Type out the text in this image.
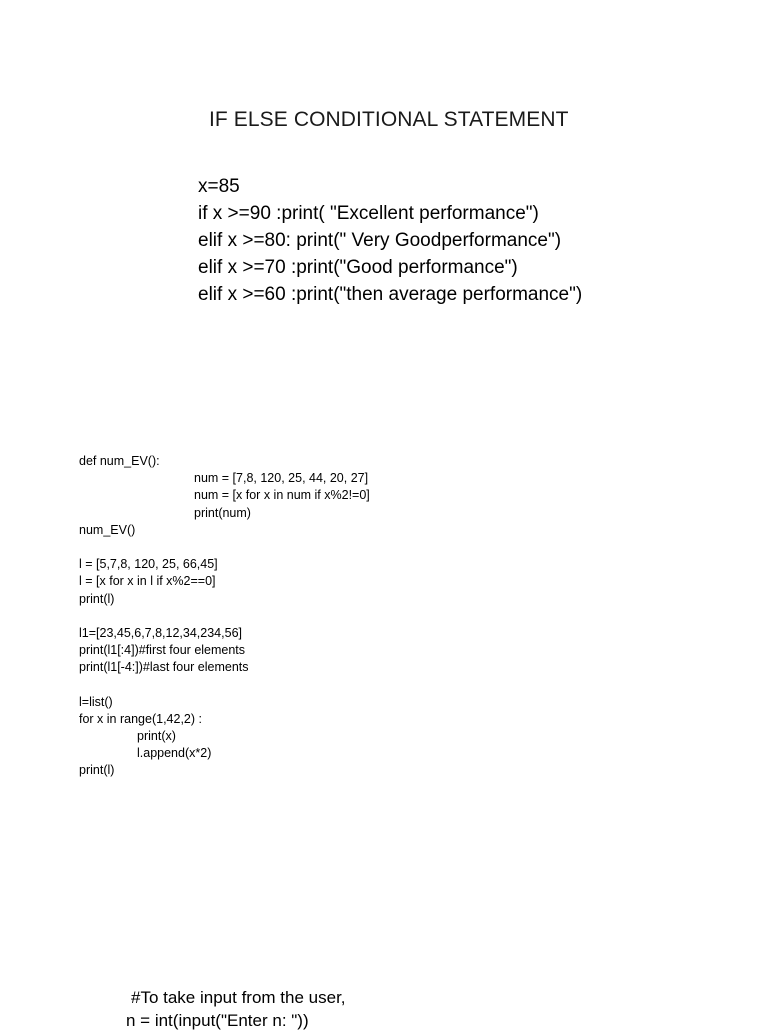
IF ELSE CONDITIONAL STATEMENT
x=85
if x >=90 :print( "Excellent performance")
elif x >=80: print(" Very Goodperformance")
elif x >=70 :print("Good performance")
elif x >=60 :print("then average performance")
def num_EV():
num = [7,8, 120, 25, 44, 20, 27]
num = [x for x in num if x%2!=0]
print(num)
num_EV()
l = [5,7,8, 120, 25, 66,45]
l = [x for x in l if x%2==0]
print(l)
l1=[23,45,6,7,8,12,34,234,56]
print(l1[:4])#first four elements
print(l1[-4:])#last four elements
l=list()
for x in range(1,42,2) :
print(x)
l.append(x*2)
print(l)
#To take input from the user,
n = int(input("Enter n: "))
